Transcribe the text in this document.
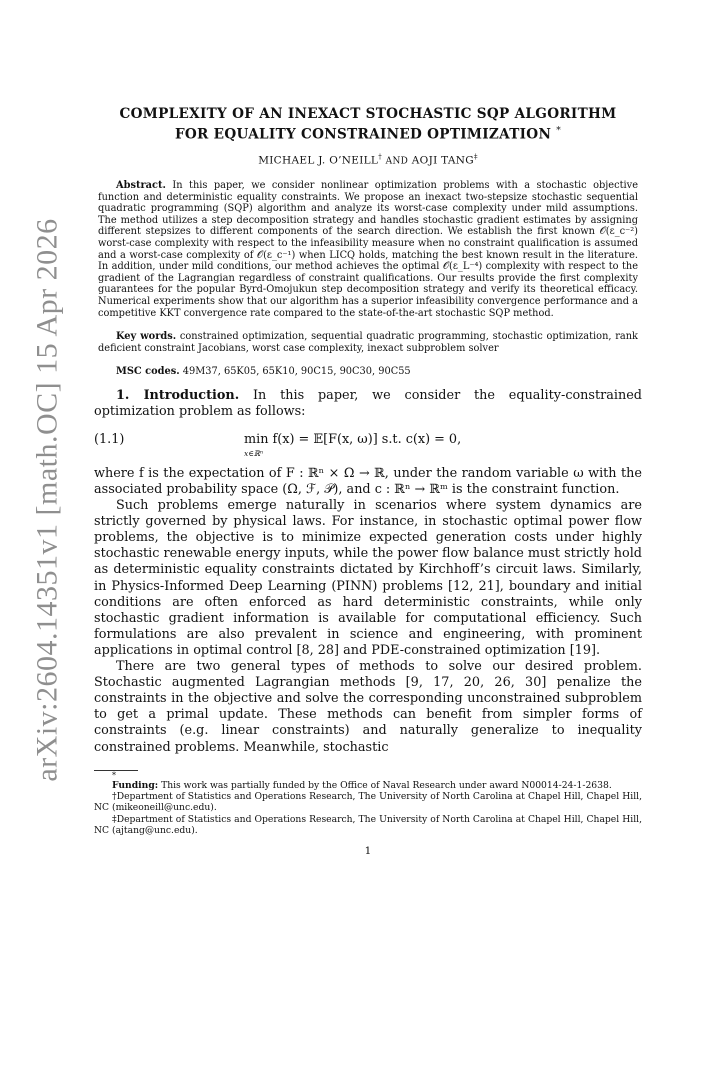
arXiv:2604.14351v1 [math.OC] 15 Apr 2026

COMPLEXITY OF AN INEXACT STOCHASTIC SQP ALGORITHM
FOR EQUALITY CONSTRAINED OPTIMIZATION *

MICHAEL J. O’NEILL† AND AOJI TANG‡

Abstract. In this paper, we consider nonlinear optimization problems with a stochastic objective function and deterministic equality constraints. We propose an inexact two-stepsize stochastic sequential quadratic programming (SQP) algorithm and analyze its worst-case complexity under mild assumptions. The method utilizes a step decomposition strategy and handles stochastic gradient estimates by assigning different stepsizes to different components of the search direction. We establish the first known 𝒪(ε_c⁻²) worst-case complexity with respect to the infeasibility measure when no constraint qualification is assumed and a worst-case complexity of 𝒪(ε_c⁻¹) when LICQ holds, matching the best known result in the literature. In addition, under mild conditions, our method achieves the optimal 𝒪(ε_L⁻⁴) complexity with respect to the gradient of the Lagrangian regardless of constraint qualifications. Our results provide the first complexity guarantees for the popular Byrd-Omojukun step decomposition strategy and verify its theoretical efficacy. Numerical experiments show that our algorithm has a superior infeasibility convergence performance and a competitive KKT convergence rate compared to the state-of-the-art stochastic SQP method.

Key words. constrained optimization, sequential quadratic programming, stochastic optimization, rank deficient constraint Jacobians, worst case complexity, inexact subproblem solver

MSC codes. 49M37, 65K05, 65K10, 90C15, 90C30, 90C55

1. Introduction. In this paper, we consider the equality-constrained optimization problem as follows:

(1.1)	min f(x) = 𝔼[F(x, ω)] s.t. c(x) = 0,
x∈ℝⁿ

where f is the expectation of F : ℝⁿ × Ω → ℝ, under the random variable ω with the associated probability space (Ω, ℱ, 𝒫), and c : ℝⁿ → ℝᵐ is the constraint function.

Such problems emerge naturally in scenarios where system dynamics are strictly governed by physical laws. For instance, in stochastic optimal power flow problems, the objective is to minimize expected generation costs under highly stochastic renewable energy inputs, while the power flow balance must strictly hold as deterministic equality constraints dictated by Kirchhoff’s circuit laws. Similarly, in Physics-Informed Deep Learning (PINN) problems [12, 21], boundary and initial conditions are often enforced as hard deterministic constraints, while only stochastic gradient information is available for computational efficiency. Such formulations are also prevalent in science and engineering, with prominent applications in optimal control [8, 28] and PDE-constrained optimization [19].

There are two general types of methods to solve our desired problem. Stochastic augmented Lagrangian methods [9, 17, 20, 26, 30] penalize the constraints in the objective and solve the corresponding unconstrained subproblem to get a primal update. These methods can benefit from simpler forms of constraints (e.g. linear constraints) and naturally generalize to inequality constrained problems. Meanwhile, stochastic

*

Funding: This work was partially funded by the Office of Naval Research under award N00014-24-1-2638.

†Department of Statistics and Operations Research, The University of North Carolina at Chapel Hill, Chapel Hill, NC (mikeoneill@unc.edu).

‡Department of Statistics and Operations Research, The University of North Carolina at Chapel Hill, Chapel Hill, NC (ajtang@unc.edu).

1
